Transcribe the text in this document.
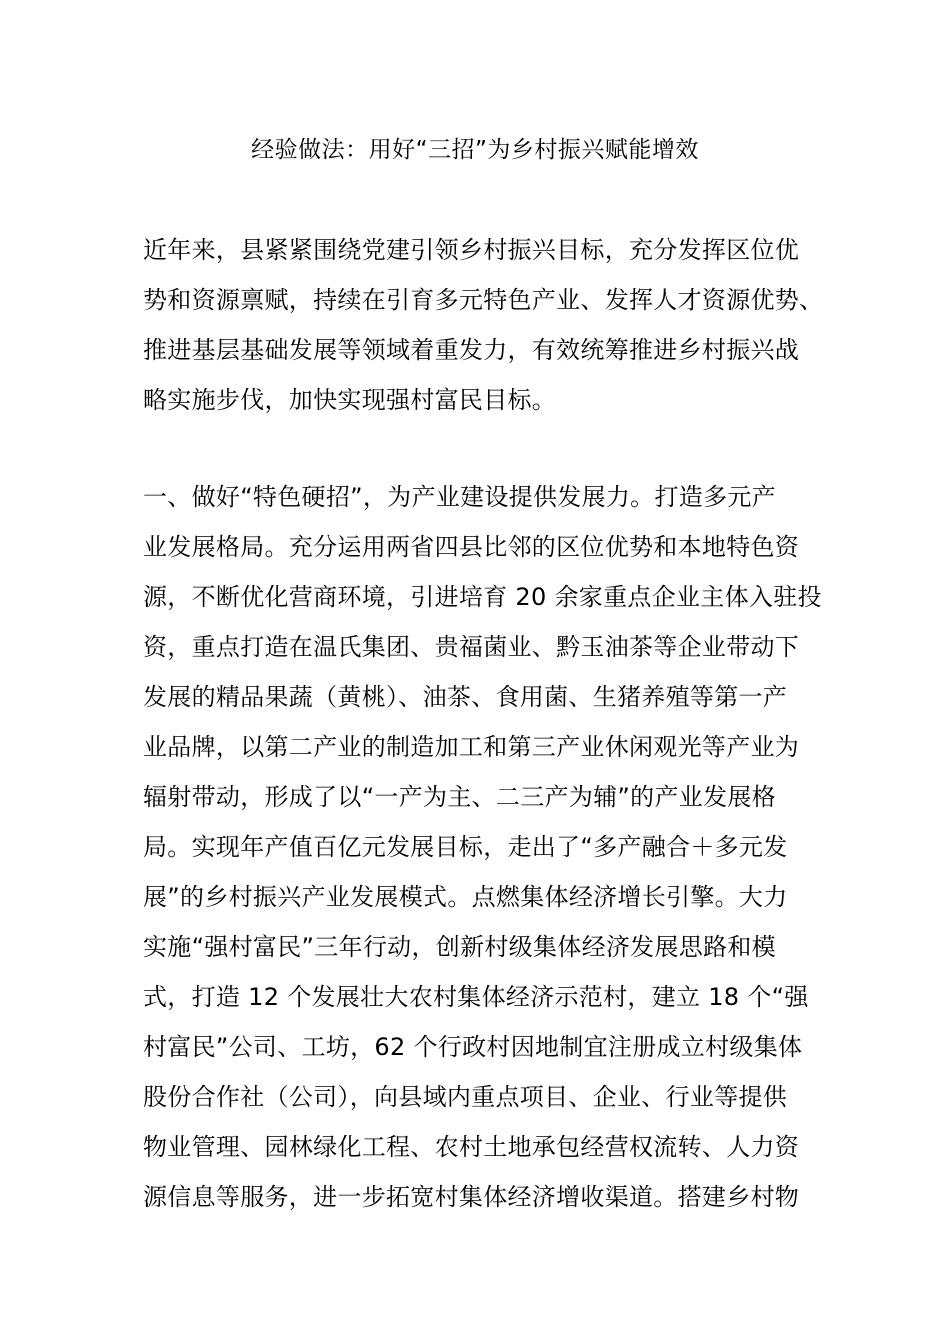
经验做法：用好“三招”为乡村振兴赋能增效

近年来，县紧紧围绕党建引领乡村振兴目标，充分发挥区位优
势和资源禀赋，持续在引育多元特色产业、发挥人才资源优势、
推进基层基础发展等领域着重发力，有效统筹推进乡村振兴战
略实施步伐，加快实现强村富民目标。

一、做好“特色硬招”，为产业建设提供发展力。打造多元产
业发展格局。充分运用两省四县比邻的区位优势和本地特色资
源，不断优化营商环境，引进培育 20 余家重点企业主体入驻投
资，重点打造在温氏集团、贵福菌业、黔玉油茶等企业带动下
发展的精品果蔬（黄桃）、油茶、食用菌、生猪养殖等第一产
业品牌，以第二产业的制造加工和第三产业休闲观光等产业为
辐射带动，形成了以“一产为主、二三产为辅”的产业发展格
局。实现年产值百亿元发展目标，走出了“多产融合＋多元发
展”的乡村振兴产业发展模式。点燃集体经济增长引擎。大力
实施“强村富民”三年行动，创新村级集体经济发展思路和模
式，打造 12 个发展壮大农村集体经济示范村，建立 18 个“强
村富民”公司、工坊，62 个行政村因地制宜注册成立村级集体
股份合作社（公司），向县域内重点项目、企业、行业等提供
物业管理、园林绿化工程、农村土地承包经营权流转、人力资
源信息等服务，进一步拓宽村集体经济增收渠道。搭建乡村物
